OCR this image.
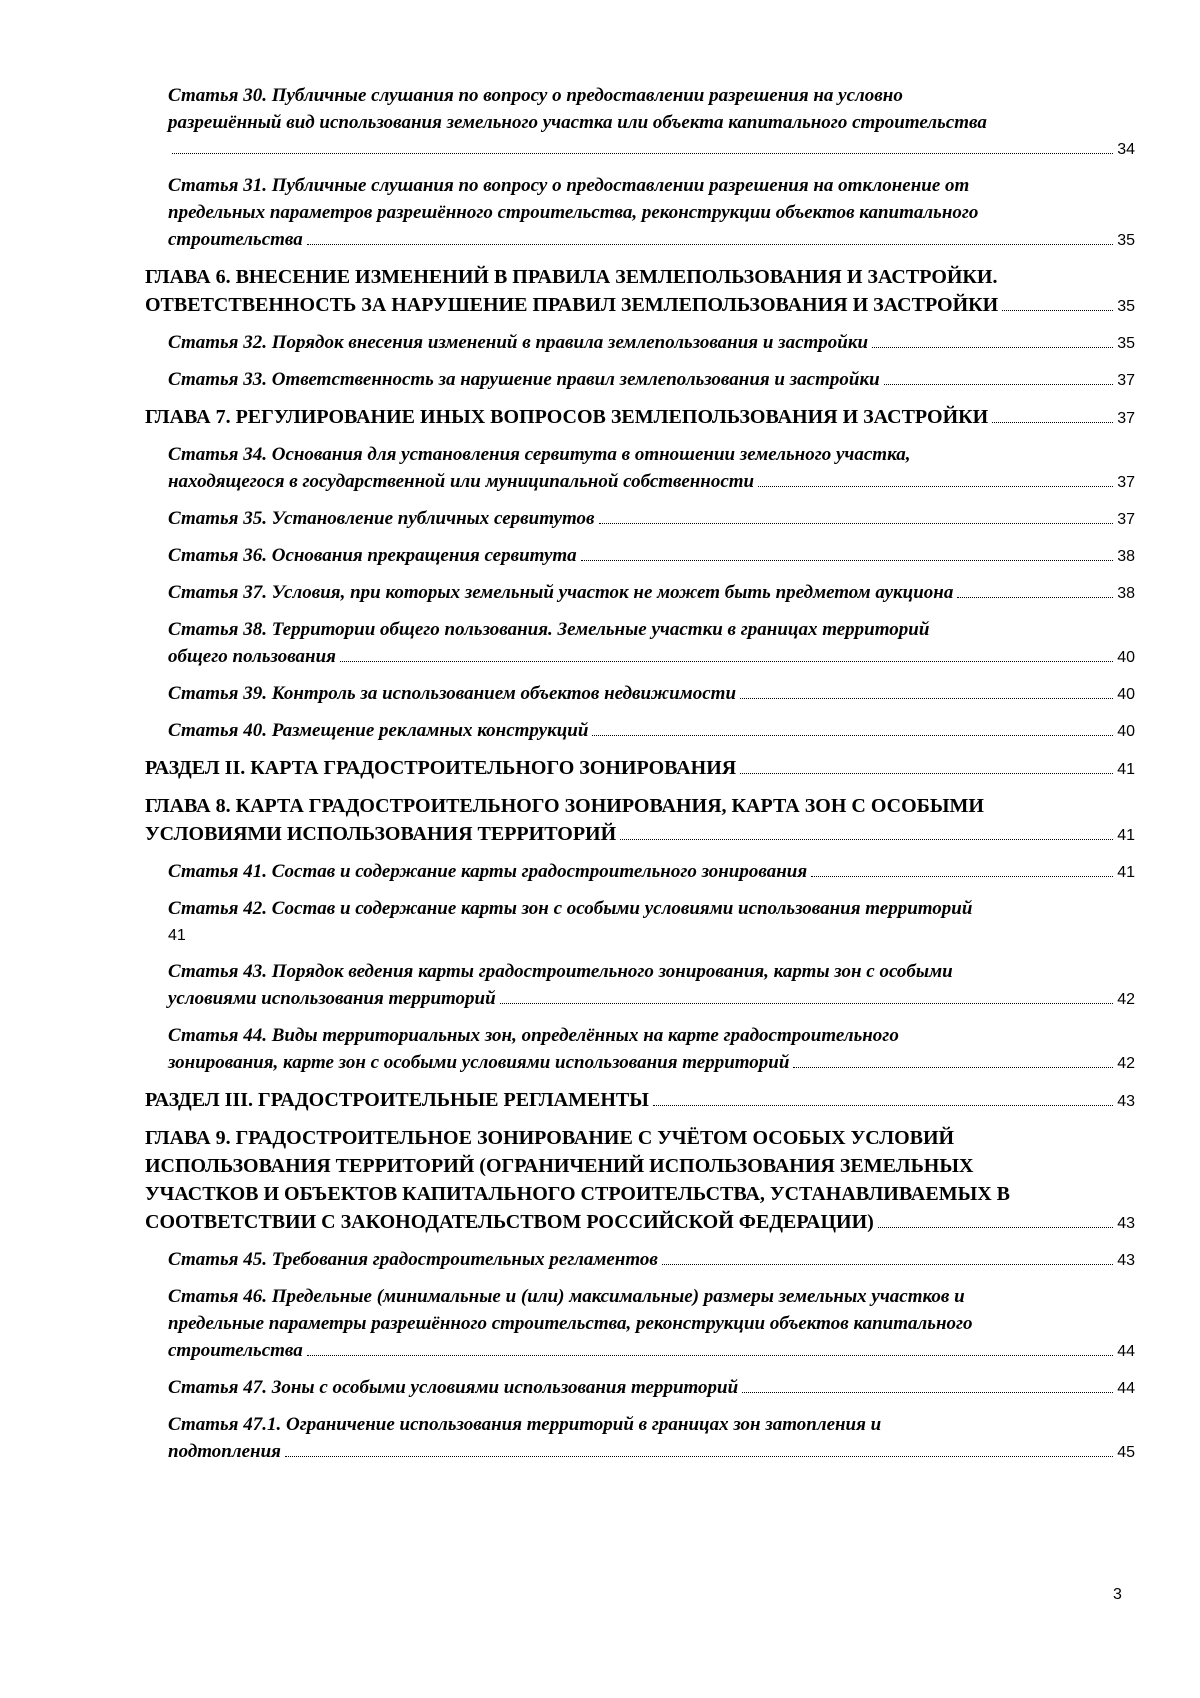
Статья 30. Публичные слушания по вопросу о предоставлении разрешения на условно
разрешённый вид использования земельного участка или объекта капитального строительства
34
Статья 31. Публичные слушания по вопросу о предоставлении разрешения на отклонение от
предельных параметров разрешённого строительства, реконструкции объектов капитального
строительства	35
ГЛАВА 6. ВНЕСЕНИЕ ИЗМЕНЕНИЙ В ПРАВИЛА ЗЕМЛЕПОЛЬЗОВАНИЯ И ЗАСТРОЙКИ.
ОТВЕТСТВЕННОСТЬ ЗА НАРУШЕНИЕ ПРАВИЛ ЗЕМЛЕПОЛЬЗОВАНИЯ И ЗАСТРОЙКИ	35
Статья 32. Порядок внесения изменений в правила землепользования и застройки	35
Статья 33. Ответственность за нарушение правил землепользования и застройки	37
ГЛАВА 7. РЕГУЛИРОВАНИЕ ИНЫХ ВОПРОСОВ ЗЕМЛЕПОЛЬЗОВАНИЯ И ЗАСТРОЙКИ	37
Статья 34. Основания для установления сервитута в отношении земельного участка,
находящегося в государственной или муниципальной собственности	37
Статья 35. Установление публичных сервитутов	37
Статья 36. Основания прекращения сервитута	38
Статья 37. Условия, при которых земельный участок не может быть предметом аукциона	38
Статья 38. Территории общего пользования. Земельные участки в границах территорий
общего пользования	40
Статья 39. Контроль за использованием объектов недвижимости	40
Статья 40. Размещение рекламных конструкций	40
РАЗДЕЛ II. КАРТА ГРАДОСТРОИТЕЛЬНОГО ЗОНИРОВАНИЯ	41
ГЛАВА 8. КАРТА ГРАДОСТРОИТЕЛЬНОГО ЗОНИРОВАНИЯ, КАРТА ЗОН С ОСОБЫМИ
УСЛОВИЯМИ ИСПОЛЬЗОВАНИЯ ТЕРРИТОРИЙ	41
Статья 41. Состав и содержание карты градостроительного зонирования	41
Статья 42. Состав и содержание карты зон с особыми условиями использования территорий
41
Статья 43. Порядок ведения карты градостроительного зонирования, карты зон с особыми
условиями использования территорий	42
Статья 44. Виды территориальных зон, определённых на карте градостроительного
зонирования, карте зон с особыми условиями использования территорий	42
РАЗДЕЛ III. ГРАДОСТРОИТЕЛЬНЫЕ РЕГЛАМЕНТЫ	43
ГЛАВА 9. ГРАДОСТРОИТЕЛЬНОЕ ЗОНИРОВАНИЕ С УЧЁТОМ ОСОБЫХ УСЛОВИЙ
ИСПОЛЬЗОВАНИЯ ТЕРРИТОРИЙ (ОГРАНИЧЕНИЙ ИСПОЛЬЗОВАНИЯ ЗЕМЕЛЬНЫХ
УЧАСТКОВ И ОБЪЕКТОВ КАПИТАЛЬНОГО СТРОИТЕЛЬСТВА, УСТАНАВЛИВАЕМЫХ В
СООТВЕТСТВИИ С ЗАКОНОДАТЕЛЬСТВОМ РОССИЙСКОЙ ФЕДЕРАЦИИ)	43
Статья 45. Требования градостроительных регламентов	43
Статья 46. Предельные (минимальные и (или) максимальные) размеры земельных участков и
предельные параметры разрешённого строительства, реконструкции объектов капитального
строительства	44
Статья 47. Зоны с особыми условиями использования территорий	44
Статья 47.1. Ограничение использования территорий в границах зон затопления и
подтопления	45
3
